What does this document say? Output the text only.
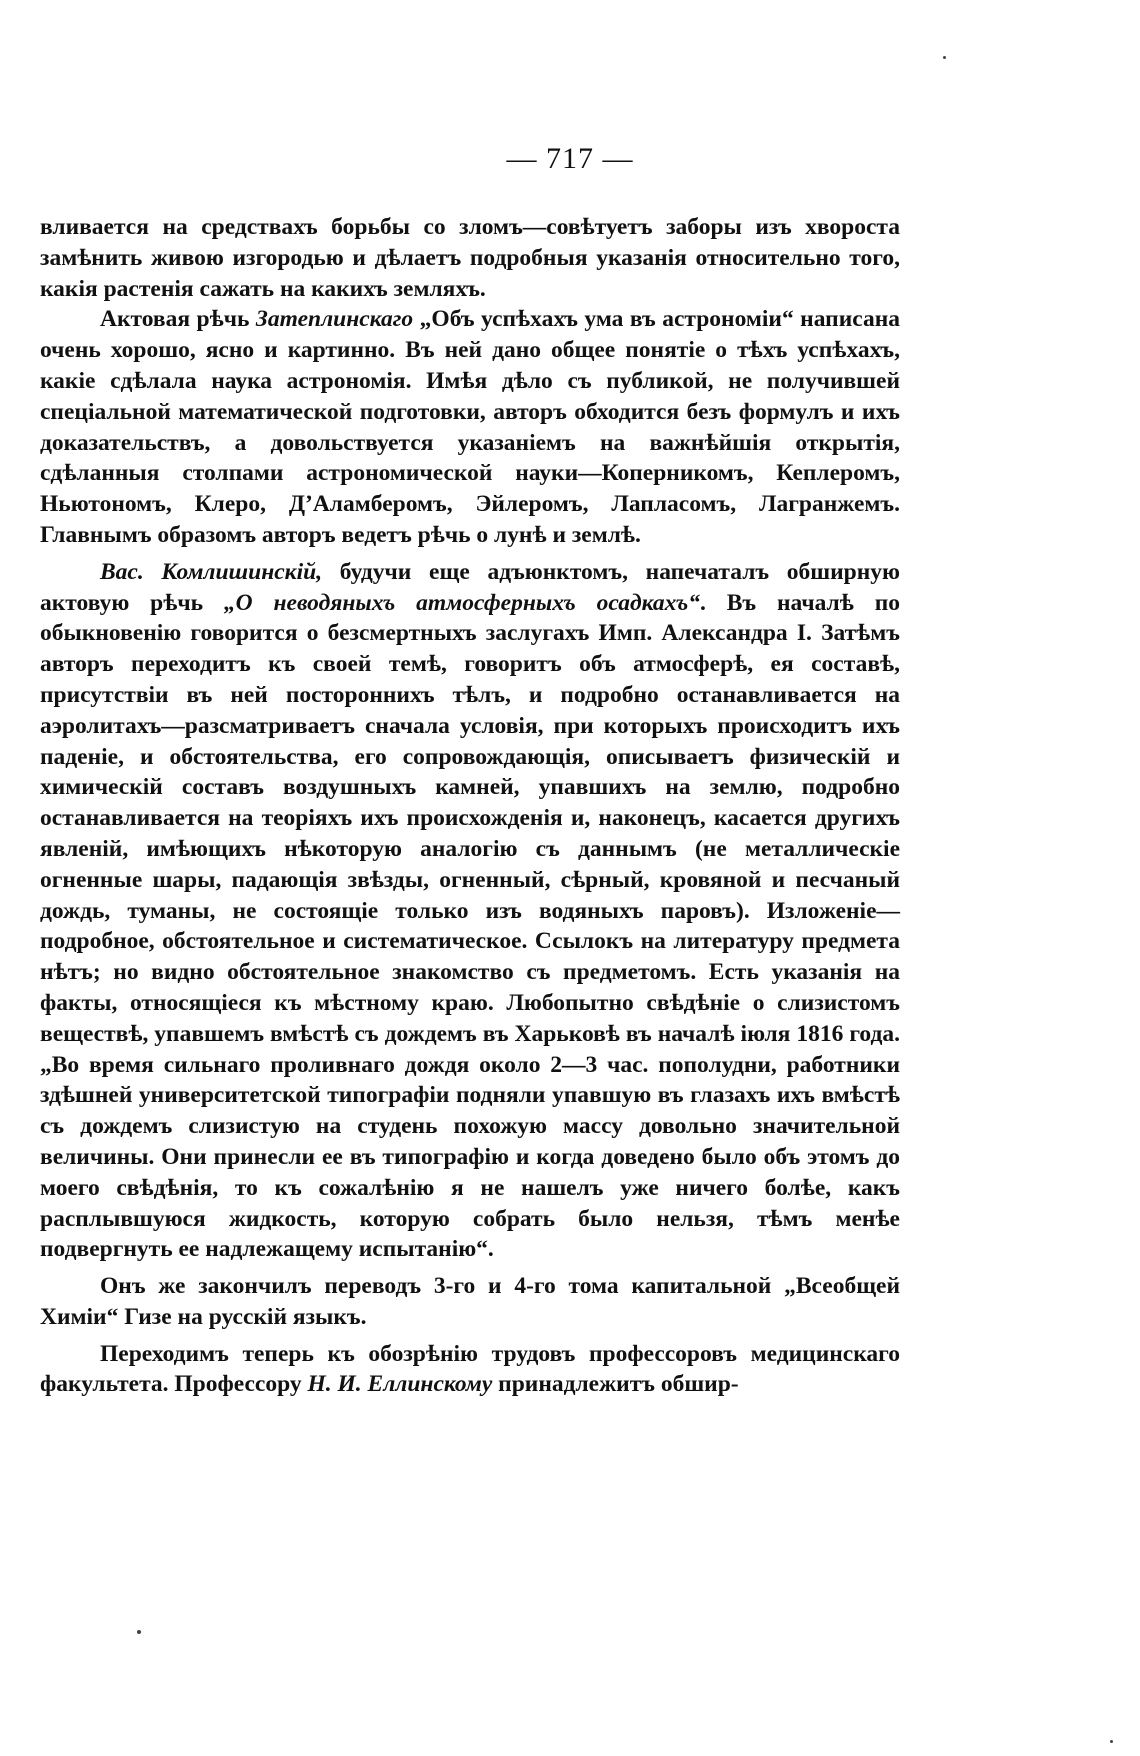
— 717 —

вливается на средствахъ борьбы со зломъ—совѣтуетъ заборы изъ хвороста замѣнить живою изгородью и дѣлаетъ подробныя указанія относительно того, какія растенія сажать на какихъ земляхъ.

Актовая рѣчь Затеплинскаго „Объ успѣхахъ ума въ астрономіи“ написана очень хорошо, ясно и картинно. Въ ней дано общее понятіе о тѣхъ успѣхахъ, какіе сдѣлала наука астрономія. Имѣя дѣло съ публикой, не получившей спеціальной математической подготовки, авторъ обходится безъ формулъ и ихъ доказательствъ, а довольствуется указаніемъ на важнѣйшія открытія, сдѣланныя столпами астрономической науки—Коперникомъ, Кеплеромъ, Ньютономъ, Клеро, Д’Аламберомъ, Эйлеромъ, Лапласомъ, Лагранжемъ. Главнымъ образомъ авторъ ведетъ рѣчь о лунѣ и землѣ.

Вас. Комлишинскій, будучи еще адъюнктомъ, напечаталъ обширную актовую рѣчь „О неводяныхъ атмосферныхъ осадкахъ“. Въ началѣ по обыкновенію говорится о безсмертныхъ заслугахъ Имп. Александра I. Затѣмъ авторъ переходитъ къ своей темѣ, говоритъ объ атмосферѣ, ея составѣ, присутствіи въ ней постороннихъ тѣлъ, и подробно останавливается на аэролитахъ—разсматриваетъ сначала условія, при которыхъ происходитъ ихъ паденіе, и обстоятельства, его сопровождающія, описываетъ физическій и химическій составъ воздушныхъ камней, упавшихъ на землю, подробно останавливается на теоріяхъ ихъ происхожденія и, наконецъ, касается другихъ явленій, имѣющихъ нѣкоторую аналогію съ даннымъ (не металлическіе огненные шары, падающія звѣзды, огненный, сѣрный, кровяной и песчаный дождь, туманы, не состоящіе только изъ водяныхъ паровъ). Изложеніе—подробное, обстоятельное и систематическое. Ссылокъ на литературу предмета нѣтъ; но видно обстоятельное знакомство съ предметомъ. Есть указанія на факты, относящіеся къ мѣстному краю. Любопытно свѣдѣніе о слизистомъ веществѣ, упавшемъ вмѣстѣ съ дождемъ въ Харьковѣ въ началѣ іюля 1816 года. „Во время сильнаго проливнаго дождя около 2—3 час. пополудни, работники здѣшней университетской типографіи подняли упавшую въ глазахъ ихъ вмѣстѣ съ дождемъ слизистую на студень похожую массу довольно значительной величины. Они принесли ее въ типографію и когда доведено было объ этомъ до моего свѣдѣнія, то къ сожалѣнію я не нашелъ уже ничего болѣе, какъ расплывшуюся жидкость, которую собрать было нельзя, тѣмъ менѣе подвергнуть ее надлежащему испытанію“.

Онъ же закончилъ переводъ 3-го и 4-го тома капитальной „Всеобщей Химіи“ Гизе на русскій языкъ.

Переходимъ теперь къ обозрѣнію трудовъ профессоровъ медицинскаго факультета. Профессору Н. И. Еллинскому принадлежитъ обшир-
